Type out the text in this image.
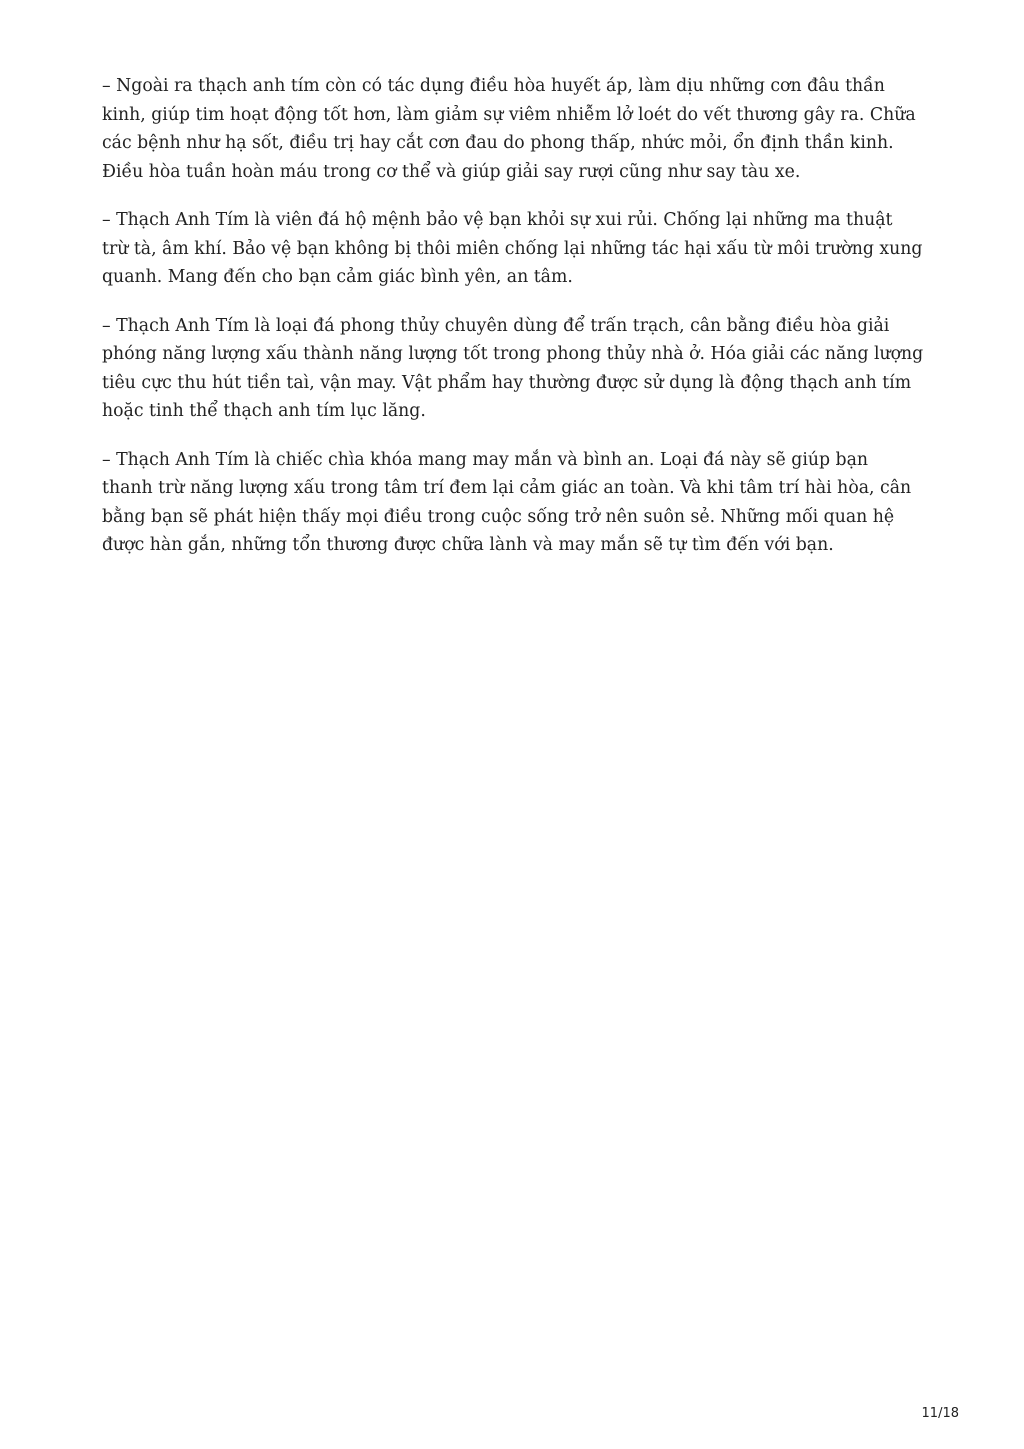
– Ngoài ra thạch anh tím còn có tác dụng điều hòa huyết áp, làm dịu những cơn đâu thần kinh, giúp tim hoạt động tốt hơn, làm giảm sự viêm nhiễm lở loét do vết thương gây ra. Chữa các bệnh như hạ sốt, điều trị hay cắt cơn đau do phong thấp, nhức mỏi, ổn định thần kinh. Điều hòa tuần hoàn máu trong cơ thể và giúp giải say rượi cũng như say tàu xe.

– Thạch Anh Tím là viên đá hộ mệnh bảo vệ bạn khỏi sự xui rủi. Chống lại những ma thuật trừ tà, âm khí. Bảo vệ bạn không bị thôi miên chống lại những tác hại xấu từ môi trường xung quanh. Mang đến cho bạn cảm giác bình yên, an tâm.

– Thạch Anh Tím là loại đá phong thủy chuyên dùng để trấn trạch, cân bằng điều hòa giải phóng năng lượng xấu thành năng lượng tốt trong phong thủy nhà ở. Hóa giải các năng lượng tiêu cực thu hút tiền taì, vận may. Vật phẩm hay thường được sử dụng là động thạch anh tím hoặc tinh thể thạch anh tím lục lăng.

– Thạch Anh Tím là chiếc chìa khóa mang may mắn và bình an. Loại đá này sẽ giúp bạn thanh trừ năng lượng xấu trong tâm trí đem lại cảm giác an toàn. Và khi tâm trí hài hòa, cân bằng bạn sẽ phát hiện thấy mọi điều trong cuộc sống trở nên suôn sẻ. Những mối quan hệ được hàn gắn, những tổn thương được chữa lành và may mắn sẽ tự tìm đến với bạn.

11/18
